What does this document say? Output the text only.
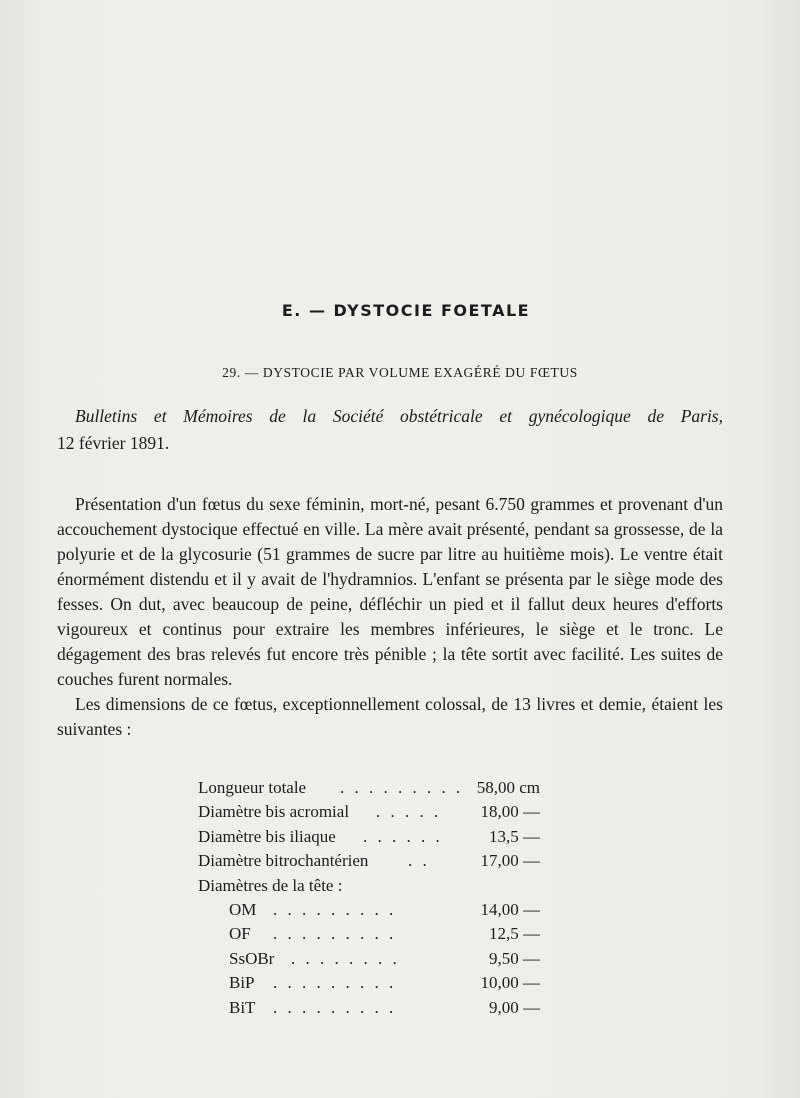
E. — DYSTOCIE FOETALE
29. — DYSTOCIE PAR VOLUME EXAGÉRÉ DU FŒTUS
Bulletins et Mémoires de la Société obstétricale et gynécologique de Paris,
12 février 1891.

Présentation d'un fœtus du sexe féminin, mort-né, pesant 6.750 grammes et provenant d'un accouchement dystocique effectué en ville. La mère avait présenté, pendant sa grossesse, de la polyurie et de la glycosurie (51 grammes de sucre par litre au huitième mois). Le ventre était énormément distendu et il y avait de l'hydramnios. L'enfant se présenta par le siège mode des fesses. On dut, avec beaucoup de peine, défléchir un pied et il fallut deux heures d'efforts vigoureux et continus pour extraire les membres inférieures, le siège et le tronc. Le dégagement des bras relevés fut encore très pénible ; la tête sortit avec facilité. Les suites de couches furent normales.

Les dimensions de ce fœtus, exceptionnellement colossal, de 13 livres et demie, étaient les suivantes :

Longueur totale . . . . . . . . . 58,00 cm
Diamètre bis acromial . . . . . 18,00 —
Diamètre bis iliaque . . . . . .	13,5 —
Diamètre bitrochantérien . .	17,00 —
Diamètres de la tête :
OM . . . . . . . . .	14,00 —
OF . . . . . . . . .	12,5 —
SsOBr . . . . . . . .	9,50 —
BiP . . . . . . . . .	10,00 —
BiT . . . . . . . . .	9,00 —
